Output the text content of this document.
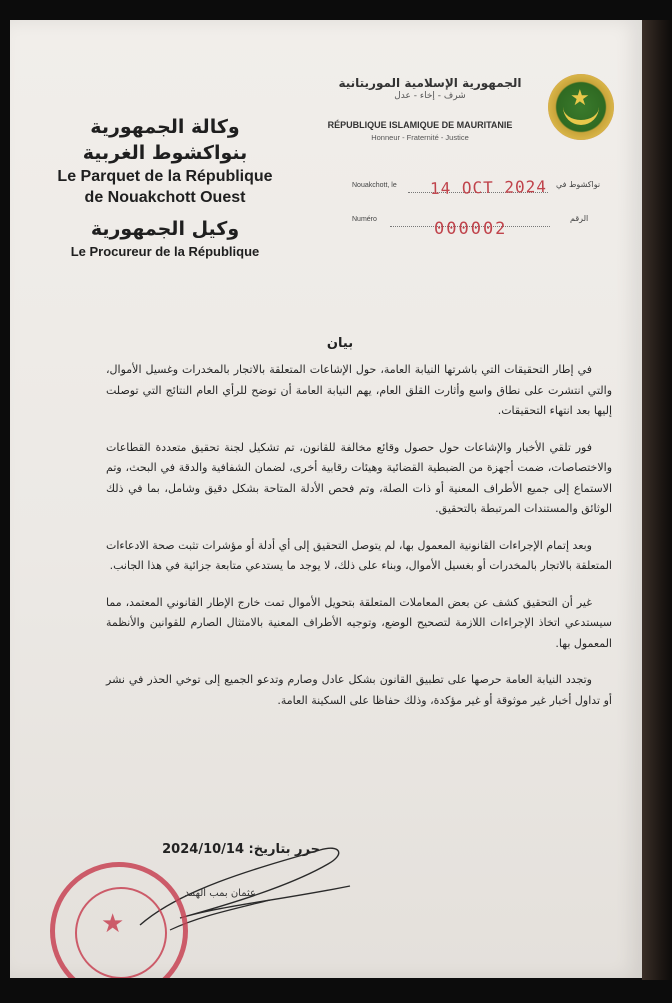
★
الجمهورية الإسلامية الموريتانية
شرف - إخاء - عدل
RÉPUBLIQUE ISLAMIQUE DE MAURITANIE
Honneur - Fraternité - Justice
وكالة الجمهورية بنواكشوط الغربية
Le Parquet de la République
de Nouakchott Ouest
وكيل الجمهورية
Le Procureur de la République
Nouakchott, le	نواكشوط في
14 OCT 2024
Numéro	الرقم
000002
بيان

في إطار التحقيقات التي باشرتها النيابة العامة، حول الإشاعات المتعلقة بالاتجار بالمخدرات وغسيل الأموال، والتي انتشرت على نطاق واسع وأثارت القلق العام، يهم النيابة العامة أن توضح للرأي العام النتائج التي توصلت إليها بعد انتهاء التحقيقات.

فور تلقي الأخبار والإشاعات حول حصول وقائع مخالفة للقانون، تم تشكيل لجنة تحقيق متعددة القطاعات والاختصاصات، ضمت أجهزة من الضبطية القضائية وهيئات رقابية أخرى، لضمان الشفافية والدقة في البحث، وتم الاستماع إلى جميع الأطراف المعنية أو ذات الصلة، وتم فحص الأدلة المتاحة بشكل دقيق وشامل، بما في ذلك الوثائق والمستندات المرتبطة بالتحقيق.

وبعد إتمام الإجراءات القانونية المعمول بها، لم يتوصل التحقيق إلى أي أدلة أو مؤشرات تثبت صحة الادعاءات المتعلقة بالاتجار بالمخدرات أو بغسيل الأموال، وبناء على ذلك، لا يوجد ما يستدعي متابعة جزائية في هذا الجانب.

غير أن التحقيق كشف عن بعض المعاملات المتعلقة بتحويل الأموال تمت خارج الإطار القانوني المعتمد، مما سيستدعي اتخاذ الإجراءات اللازمة لتصحيح الوضع، وتوجيه الأطراف المعنية بالامتثال الصارم للقوانين والأنظمة المعمول بها.

وتجدد النيابة العامة حرصها على تطبيق القانون بشكل عادل وصارم وتدعو الجميع إلى توخي الحذر في نشر أو تداول أخبار غير موثوقة أو غير مؤكدة، وذلك حفاظا على السكينة العامة.

حرر بتاريخ: 2024/10/14
عثمان بمب الهمد
★
